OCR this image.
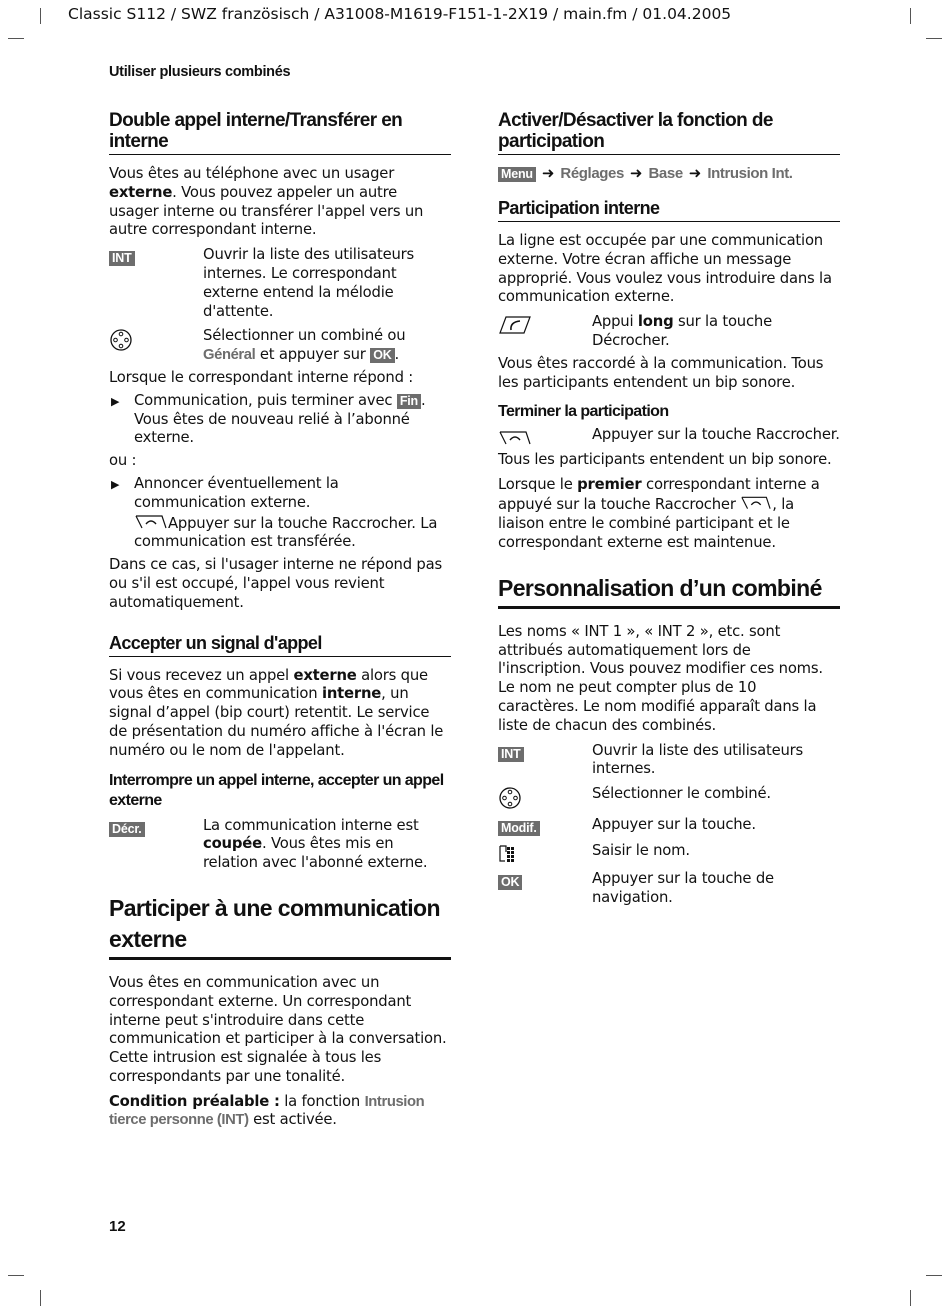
Classic S112 / SWZ französisch / A31008-M1619-F151-1-2X19 / main.fm / 01.04.2005
Utiliser plusieurs combinés
12
Double appel interne/Transférer en interne

Vous êtes au téléphone avec un usager externe. Vous pouvez appeler un autre usager interne ou transférer l'appel vers un autre correspondant interne.

INT	Ouvrir la liste des utilisateurs internes. Le correspondant externe entend la mélodie d'attente.
Sélectionner un combiné ou Général et appuyer sur OK .

Lorsque le correspondant interne répond :

▶ Communication, puis terminer avec Fin . Vous êtes de nouveau relié à l’abonné externe.

ou :

▶ Annoncer éventuellement la communication externe.
Appuyer sur la touche Raccrocher. La communication est transférée.

Dans ce cas, si l'usager interne ne répond pas ou s'il est occupé, l'appel vous revient automatiquement.

Accepter un signal d'appel

Si vous recevez un appel externe alors que vous êtes en communication interne, un signal d’appel (bip court) retentit. Le service de présentation du numéro affiche à l'écran le numéro ou le nom de l'appelant.

Interrompre un appel interne, accepter un appel externe
Décr.	La communication interne est coupée. Vous êtes mis en relation avec l'abonné externe.
Participer à une communication externe

Vous êtes en communication avec un correspondant externe. Un correspondant interne peut s'introduire dans cette communication et participer à la conversation. Cette intrusion est signalée à tous les correspondants par une tonalité.

Condition préalable : la fonction Intrusion tierce personne (INT) est activée.

Activer/Désactiver la fonction de participation
Menu ➜ Réglages ➜ Base ➜ Intrusion Int.
Participation interne

La ligne est occupée par une communication externe. Votre écran affiche un message approprié. Vous voulez vous introduire dans la communication externe.

Appui long sur la touche Décrocher.

Vous êtes raccordé à la communication. Tous les participants entendent un bip sonore.

Terminer la participation
Appuyer sur la touche Raccrocher.

Tous les participants entendent un bip sonore.

Lorsque le premier correspondant interne a appuyé sur la touche Raccrocher , la liaison entre le combiné participant et le correspondant externe est maintenue.

Personnalisation d’un combiné

Les noms « INT 1 », « INT 2 », etc. sont attribués automatiquement lors de l'inscription. Vous pouvez modifier ces noms. Le nom ne peut compter plus de 10 caractères. Le nom modifié apparaît dans la liste de chacun des combinés.

INT	Ouvrir la liste des utilisateurs internes.
Sélectionner le combiné.
Modif.	Appuyer sur la touche.
Saisir le nom.
OK	Appuyer sur la touche de navigation.
